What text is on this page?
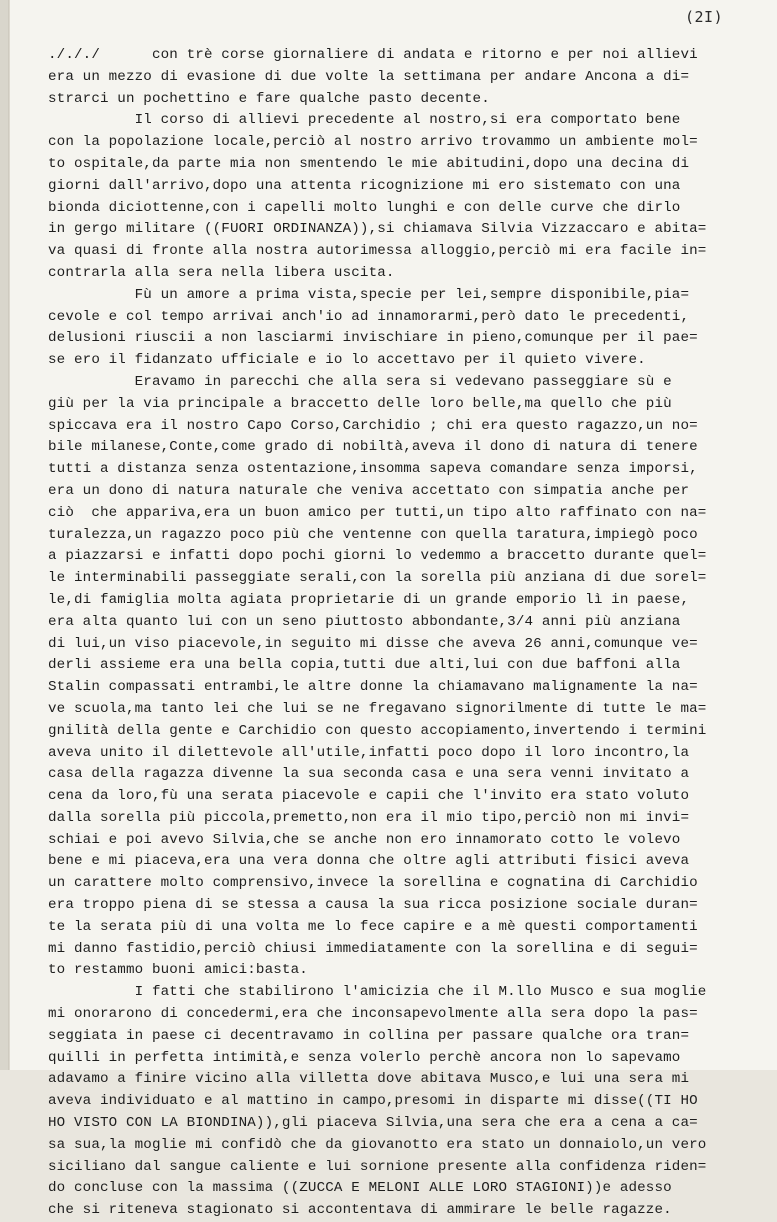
(2I)
./././      con trè corse giornaliere di andata e ritorno e per noi allievi
era un mezzo di evasione di due volte la settimana per andare Ancona a di=
strarci un pochettino e fare qualche pasto decente.
Il corso di allievi precedente al nostro,si era comportato bene
con la popolazione locale,perciò al nostro arrivo trovammo un ambiente mol=
to ospitale,da parte mia non smentendo le mie abitudini,dopo una decina di
giorni dall'arrivo,dopo una attenta ricognizione mi ero sistemato con una
bionda diciottenne,con i capelli molto lunghi e con delle curve che dirlo
in gergo militare ((FUORI ORDINANZA)),si chiamava Silvia Vizzaccaro e abita=
va quasi di fronte alla nostra autorimessa alloggio,perciò mi era facile in=
contrarla alla sera nella libera uscita.
Fù un amore a prima vista,specie per lei,sempre disponibile,pia=
cevole e col tempo arrivai anch'io ad innamorarmi,però dato le precedenti,
delusioni riuscii a non lasciarmi invischiare in pieno,comunque per il pae=
se ero il fidanzato ufficiale e io lo accettavo per il quieto vivere.
Eravamo in parecchi che alla sera si vedevano passeggiare sù e
giù per la via principale a braccetto delle loro belle,ma quello che più
spiccava era il nostro Capo Corso,Carchidio ; chi era questo ragazzo,un no=
bile milanese,Conte,come grado di nobiltà,aveva il dono di natura di tenere
tutti a distanza senza ostentazione,insomma sapeva comandare senza imporsi,
era un dono di natura naturale che veniva accettato con simpatia anche per
ciò  che appariva,era un buon amico per tutti,un tipo alto raffinato con na=
turalezza,un ragazzo poco più che ventenne con quella taratura,impiegò poco
a piazzarsi e infatti dopo pochi giorni lo vedemmo a braccetto durante quel=
le interminabili passeggiate serali,con la sorella più anziana di due sorel=
le,di famiglia molta agiata proprietarie di un grande emporio lì in paese,
era alta quanto lui con un seno piuttosto abbondante,3/4 anni più anziana
di lui,un viso piacevole,in seguito mi disse che aveva 26 anni,comunque ve=
derli assieme era una bella copia,tutti due alti,lui con due baffoni alla
Stalin compassati entrambi,le altre donne la chiamavano malignamente la na=
ve scuola,ma tanto lei che lui se ne fregavano signorilmente di tutte le ma=
gnilità della gente e Carchidio con questo accopiamento,invertendo i termini
aveva unito il dilettevole all'utile,infatti poco dopo il loro incontro,la
casa della ragazza divenne la sua seconda casa e una sera venni invitato a
cena da loro,fù una serata piacevole e capii che l'invito era stato voluto
dalla sorella più piccola,premetto,non era il mio tipo,perciò non mi invi=
schiai e poi avevo Silvia,che se anche non ero innamorato cotto le volevo
bene e mi piaceva,era una vera donna che oltre agli attributi fisici aveva
un carattere molto comprensivo,invece la sorellina e cognatina di Carchidio
era troppo piena di se stessa a causa la sua ricca posizione sociale duran=
te la serata più di una volta me lo fece capire e a mè questi comportamenti
mi danno fastidio,perciò chiusi immediatamente con la sorellina e di segui=
to restammo buoni amici:basta.
I fatti che stabilirono l'amicizia che il M.llo Musco e sua moglie
mi onorarono di concedermi,era che inconsapevolmente alla sera dopo la pas=
seggiata in paese ci decentravamo in collina per passare qualche ora tran=
quilli in perfetta intimità,e senza volerlo perchè ancora non lo sapevamo
adavamo a finire vicino alla villetta dove abitava Musco,e lui una sera mi
aveva individuato e al mattino in campo,presomi in disparte mi disse((TI HO
HO VISTO CON LA BIONDINA)),gli piaceva Silvia,una sera che era a cena a ca=
sa sua,la moglie mi confidò che da giovanotto era stato un donnaiolo,un vero
siciliano dal sangue caliente e lui sornione presente alla confidenza riden=
do concluse con la massima ((ZUCCA E MELONI ALLE LORO STAGIONI))e adesso
che si riteneva stagionato si accontentava di ammirare le belle ragazze.
